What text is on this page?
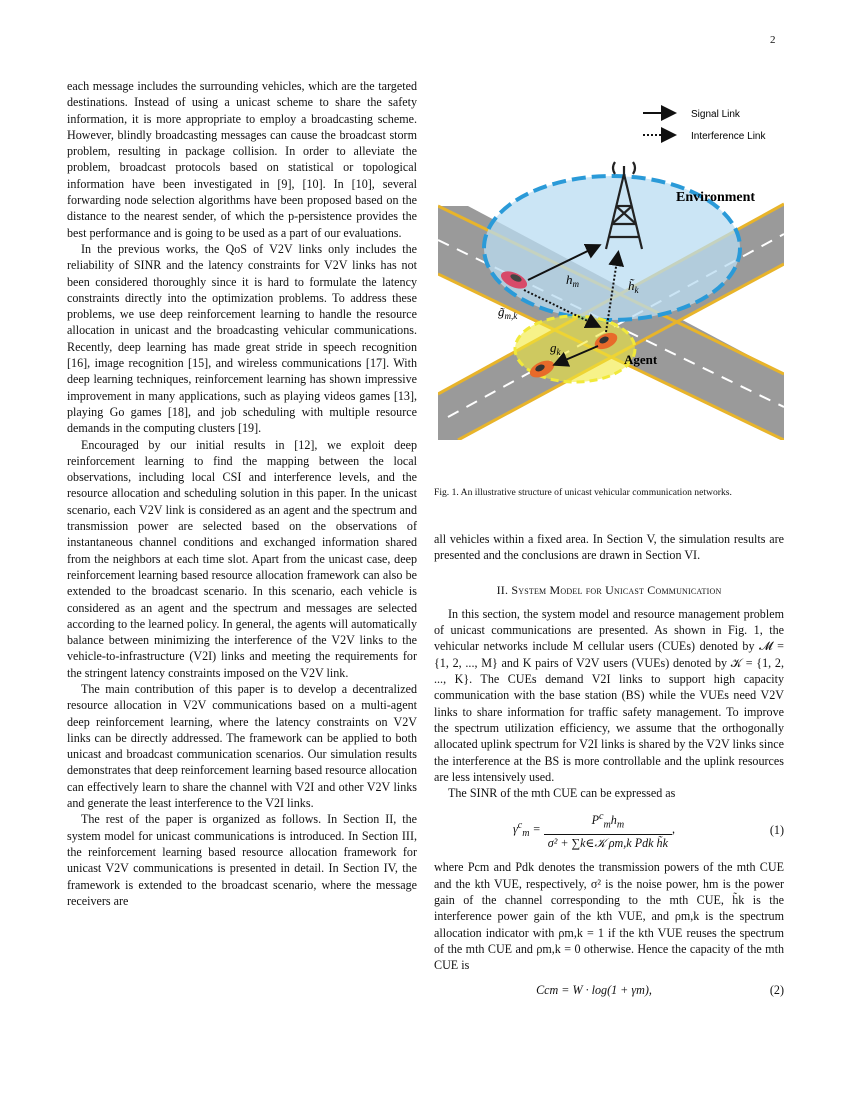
2

each message includes the surrounding vehicles, which are the targeted destinations. Instead of using a unicast scheme to share the safety information, it is more appropriate to employ a broadcasting scheme. However, blindly broadcasting messages can cause the broadcast storm problem, resulting in package collision. In order to alleviate the problem, broadcast protocols based on statistical or topological information have been investigated in [9], [10]. In [10], several forwarding node selection algorithms have been proposed based on the distance to the nearest sender, of which the p-persistence provides the best performance and is going to be used as a part of our evaluations.

In the previous works, the QoS of V2V links only includes the reliability of SINR and the latency constraints for V2V links has not been considered thoroughly since it is hard to formulate the latency constraints directly into the optimization problems. To address these problems, we use deep reinforcement learning to handle the resource allocation in unicast and the broadcasting vehicular communications. Recently, deep learning has made great stride in speech recognition [16], image recognition [15], and wireless communications [17]. With deep learning techniques, reinforcement learning has shown impressive improvement in many applications, such as playing videos games [13], playing Go games [18], and job scheduling with multiple resource demands in the computing clusters [19].

Encouraged by our initial results in [12], we exploit deep reinforcement learning to find the mapping between the local observations, including local CSI and interference levels, and the resource allocation and scheduling solution in this paper. In the unicast scenario, each V2V link is considered as an agent and the spectrum and transmission power are selected based on the observations of instantaneous channel conditions and exchanged information shared from the neighbors at each time slot. Apart from the unicast case, deep reinforcement learning based resource allocation framework can also be extended to the broadcast scenario. In this scenario, each vehicle is considered as an agent and the spectrum and messages are selected according to the learned policy. In general, the agents will automatically balance between minimizing the interference of the V2V links to the vehicle-to-infrastructure (V2I) links and meeting the requirements for the stringent latency constraints imposed on the V2V link.

The main contribution of this paper is to develop a decentralized resource allocation in V2V communications based on a multi-agent deep reinforcement learning, where the latency constraints on V2V links can be directly addressed. The framework can be applied to both unicast and broadcast communication scenarios. Our simulation results demonstrates that deep reinforcement learning based resource allocation can effectively learn to share the channel with V2I and other V2V links and generate the least interference to the V2I links.

The rest of the paper is organized as follows. In Section II, the system model for unicast communications is introduced. In Section III, the reinforcement learning based resource allocation framework for unicast V2V communications is presented in detail. In Section IV, the framework is extended to the broadcast scenario, where the message receivers are

Signal Link
Interference Link
Environment
Agent
$h_m$	$h̃_k$
$g̃_{m,k}$
$g_k$
Fig. 1. An illustrative structure of unicast vehicular communication networks.

all vehicles within a fixed area. In Section V, the simulation results are presented and the conclusions are drawn in Section VI.

II. System Model for Unicast Communication

In this section, the system model and resource management problem of unicast communications are presented. As shown in Fig. 1, the vehicular networks include M cellular users (CUEs) denoted by 𝓜 = {1, 2, ..., M} and K pairs of V2V users (VUEs) denoted by 𝒦 = {1, 2, ..., K}. The CUEs demand V2I links to support high capacity communication with the base station (BS) while the VUEs need V2V links to share information for traffic safety management. To improve the spectrum utilization efficiency, we assume that the orthogonally allocated uplink spectrum for V2I links is shared by the V2V links since the interference at the BS is more controllable and the uplink resources are less intensively used.

The SINR of the mth CUE can be expressed as

$\gamma^c_m = \frac{P^c_mh_m}{\text{σ² + ∑k∈𝒦 ρm,k Pdk h̃k}}$ ,	(1)

where Pcm and Pdk denotes the transmission powers of the mth CUE and the kth VUE, respectively, σ² is the noise power, hm is the power gain of the channel corresponding to the mth CUE, h̃k is the interference power gain of the kth VUE, and ρm,k is the spectrum allocation indicator with ρm,k = 1 if the kth VUE reuses the spectrum of the mth CUE and ρm,k = 0 otherwise. Hence the capacity of the mth CUE is

Ccm = W · log(1 + γm),	(2)
